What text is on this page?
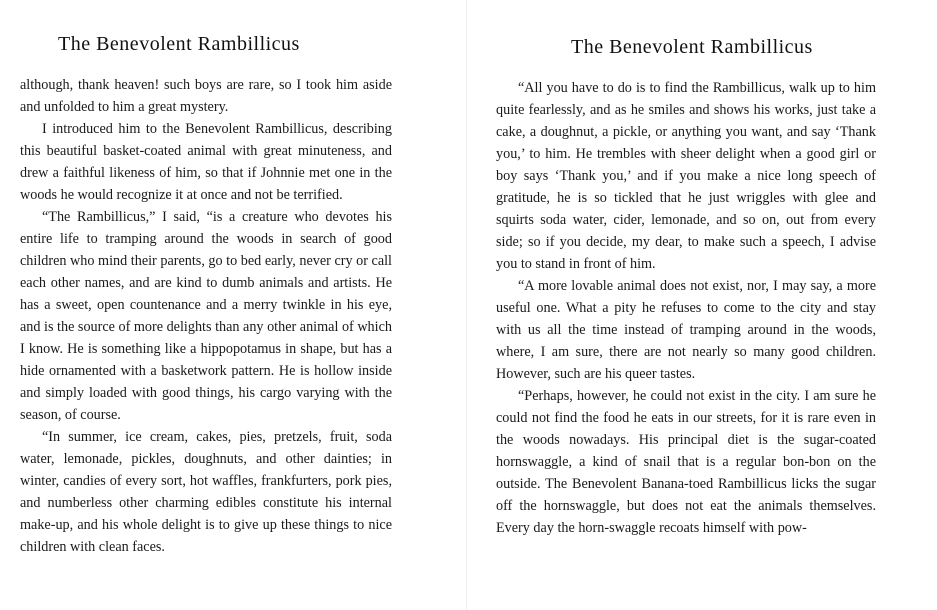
The Benevolent Rambillicus

although, thank heaven! such boys are rare, so I took him aside and unfolded to him a great mystery.

I introduced him to the Benevolent Rambillicus, describing this beautiful basket-coated animal with great minuteness, and drew a faithful likeness of him, so that if Johnnie met one in the woods he would recognize it at once and not be terrified.

“The Rambillicus,” I said, “is a creature who devotes his entire life to tramping around the woods in search of good children who mind their parents, go to bed early, never cry or call each other names, and are kind to dumb animals and artists. He has a sweet, open countenance and a merry twinkle in his eye, and is the source of more delights than any other animal of which I know. He is something like a hippopotamus in shape, but has a hide ornamented with a basketwork pattern. He is hollow inside and simply loaded with good things, his cargo varying with the season, of course.

“In summer, ice cream, cakes, pies, pretzels, fruit, soda water, lemonade, pickles, doughnuts, and other dainties; in winter, candies of every sort, hot waffles, frankfurters, pork pies, and numberless other charming edibles constitute his internal make-up, and his whole delight is to give up these things to nice children with clean faces.

The Benevolent Rambillicus

“All you have to do is to find the Rambillicus, walk up to him quite fearlessly, and as he smiles and shows his works, just take a cake, a doughnut, a pickle, or anything you want, and say ‘Thank you,’ to him. He trembles with sheer delight when a good girl or boy says ‘Thank you,’ and if you make a nice long speech of gratitude, he is so tickled that he just wriggles with glee and squirts soda water, cider, lemonade, and so on, out from every side; so if you decide, my dear, to make such a speech, I advise you to stand in front of him.

“A more lovable animal does not exist, nor, I may say, a more useful one. What a pity he refuses to come to the city and stay with us all the time instead of tramping around in the woods, where, I am sure, there are not nearly so many good children. However, such are his queer tastes.

“Perhaps, however, he could not exist in the city. I am sure he could not find the food he eats in our streets, for it is rare even in the woods nowadays. His principal diet is the sugar-coated hornswaggle, a kind of snail that is a regular bon-bon on the outside. The Benevolent Banana-toed Rambillicus licks the sugar off the hornswaggle, but does not eat the animals themselves. Every day the horn-swaggle recoats himself with pow-
